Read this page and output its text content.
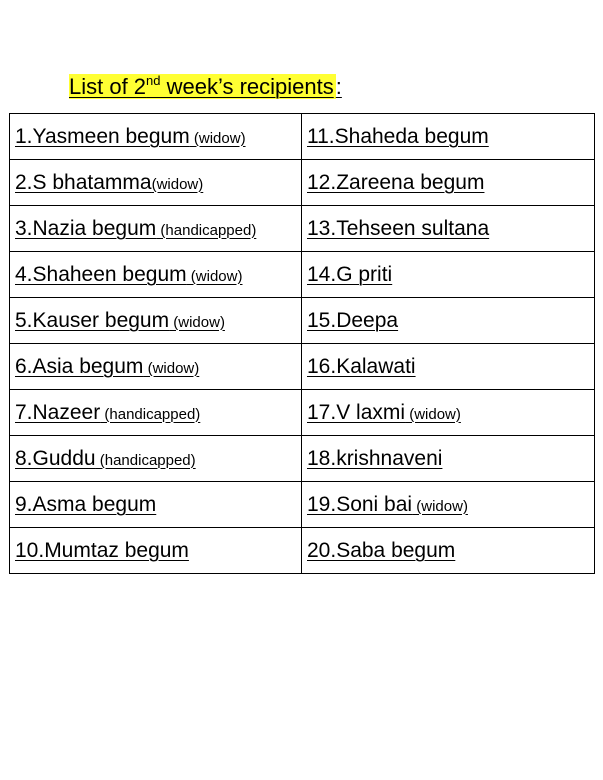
List of 2nd week’s recipients:
1.Yasmeen begum (widow)	11.Shaheda begum
2.S bhatamma(widow)	12.Zareena begum
3.Nazia begum (handicapped)	13.Tehseen sultana
4.Shaheen begum (widow)	14.G priti
5.Kauser begum (widow)	15.Deepa
6.Asia begum (widow)	16.Kalawati
7.Nazeer (handicapped)	17.V laxmi (widow)
8.Guddu (handicapped)	18.krishnaveni
9.Asma begum	19.Soni bai (widow)
10.Mumtaz begum	20.Saba begum
